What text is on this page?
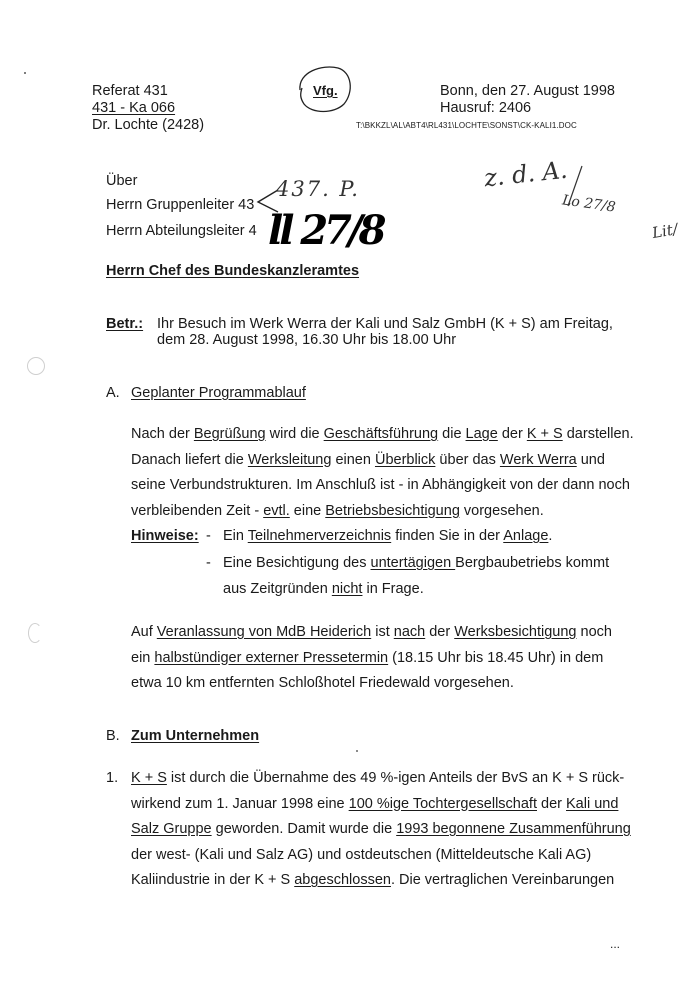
Referat 431
431 - Ka 066
Dr. Lochte (2428)
Vfg.	Bonn, den 27. August 1998
Hausruf: 2406
T:\BKKZL\AL\ABT4\RL431\LOCHTE\SONST\CK-KALI1.DOC
z. d. A.
Lo 27/8
Lit/
Über
Herrn Gruppenleiter 43
Herrn Abteilungsleiter 4
437. P.
ll 27/8
Herrn Chef des Bundeskanzleramtes
Betr.: Ihr Besuch im Werk Werra der Kali und Salz GmbH (K + S) am Freitag,
dem 28. August 1998, 16.30 Uhr bis 18.00 Uhr
A. Geplanter Programmablauf
Nach der Begrüßung wird die Geschäftsführung die Lage der K + S darstellen.
Danach liefert die Werksleitung einen Überblick über das Werk Werra und
seine Verbundstrukturen. Im Anschluß ist - in Abhängigkeit von der dann noch
verbleibenden Zeit - evtl. eine Betriebsbesichtigung vorgesehen.
Hinweise: - Ein Teilnehmerverzeichnis finden Sie in der Anlage.
- Eine Besichtigung des untertägigen Bergbaubetriebs kommt
aus Zeitgründen nicht in Frage.
Auf Veranlassung von MdB Heiderich ist nach der Werksbesichtigung noch
ein halbstündiger externer Pressetermin (18.15 Uhr bis 18.45 Uhr) in dem
etwa 10 km entfernten Schloßhotel Friedewald vorgesehen.
B. Zum Unternehmen
1. K + S ist durch die Übernahme des 49 %-igen Anteils der BvS an K + S rück-
wirkend zum 1. Januar 1998 eine 100 %ige Tochtergesellschaft der Kali und
Salz Gruppe geworden. Damit wurde die 1993 begonnene Zusammenführung
der west- (Kali und Salz AG) und ostdeutschen (Mitteldeutsche Kali AG)
Kaliindustrie in der K + S abgeschlossen. Die vertraglichen Vereinbarungen
...
